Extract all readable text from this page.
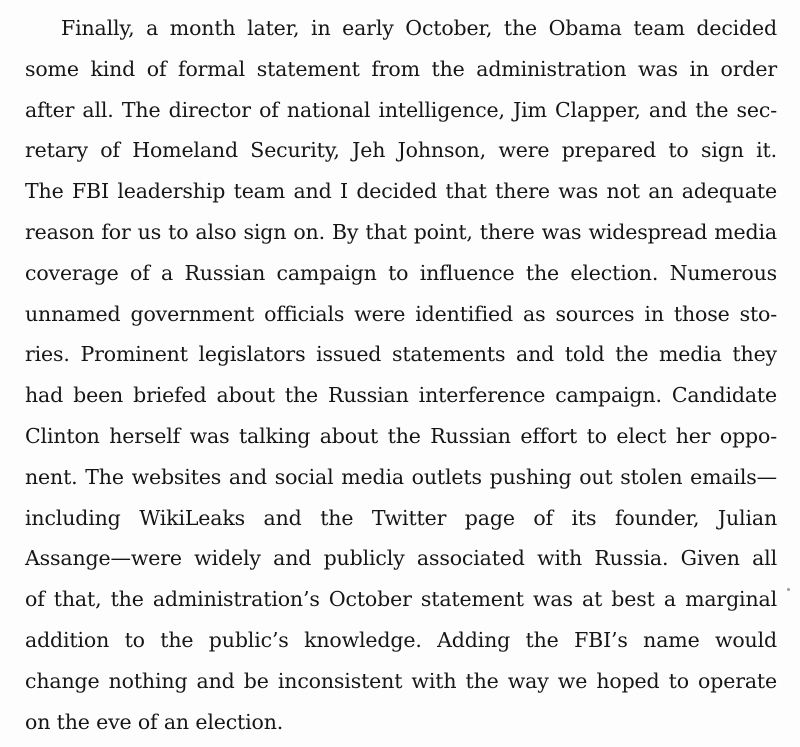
Finally, a month later, in early October, the Obama team decided
some kind of formal statement from the administration was in order
after all. The director of national intelligence, Jim Clapper, and the sec-
retary of Homeland Security, Jeh Johnson, were prepared to sign it.
The FBI leadership team and I decided that there was not an adequate
reason for us to also sign on. By that point, there was widespread media
coverage of a Russian campaign to influence the election. Numerous
unnamed government officials were identified as sources in those sto-
ries. Prominent legislators issued statements and told the media they
had been briefed about the Russian interference campaign. Candidate
Clinton herself was talking about the Russian effort to elect her oppo-
nent. The websites and social media outlets pushing out stolen emails—
including WikiLeaks and the Twitter page of its founder, Julian
Assange—were widely and publicly associated with Russia. Given all
of that, the administration’s October statement was at best a marginal
addition to the public’s knowledge. Adding the FBI’s name would
change nothing and be inconsistent with the way we hoped to operate
on the eve of an election.
